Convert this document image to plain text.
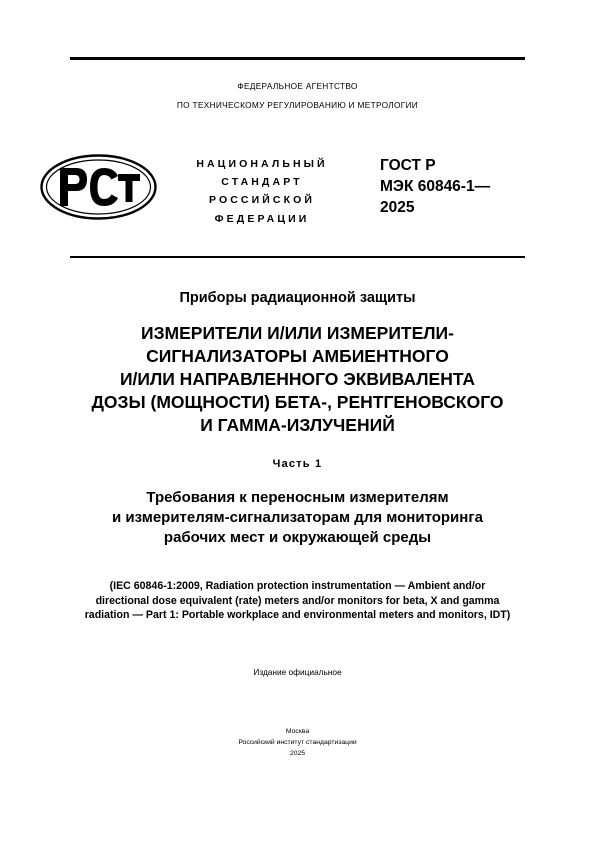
ФЕДЕРАЛЬНОЕ АГЕНТСТВО
ПО ТЕХНИЧЕСКОМУ РЕГУЛИРОВАНИЮ И МЕТРОЛОГИИ
НАЦИОНАЛЬНЫЙ
СТАНДАРТ
РОССИЙСКОЙ
ФЕДЕРАЦИИ
ГОСТ Р
МЭК 60846-1—
2025
Приборы радиационной защиты
ИЗМЕРИТЕЛИ И/ИЛИ ИЗМЕРИТЕЛИ-
СИГНАЛИЗАТОРЫ АМБИЕНТНОГО
И/ИЛИ НАПРАВЛЕННОГО ЭКВИВАЛЕНТА
ДОЗЫ (МОЩНОСТИ) БЕТА-, РЕНТГЕНОВСКОГО
И ГАММА-ИЗЛУЧЕНИЙ
Часть 1
Требования к переносным измерителям
и измерителям-сигнализаторам для мониторинга
рабочих мест и окружающей среды
(IEC 60846-1:2009, Radiation protection instrumentation — Ambient and/or
directional dose equivalent (rate) meters and/or monitors for beta, X and gamma
radiation — Part 1: Portable workplace and environmental meters and monitors, IDT)
Издание официальное
Москва
Российский институт стандартизации
2025
